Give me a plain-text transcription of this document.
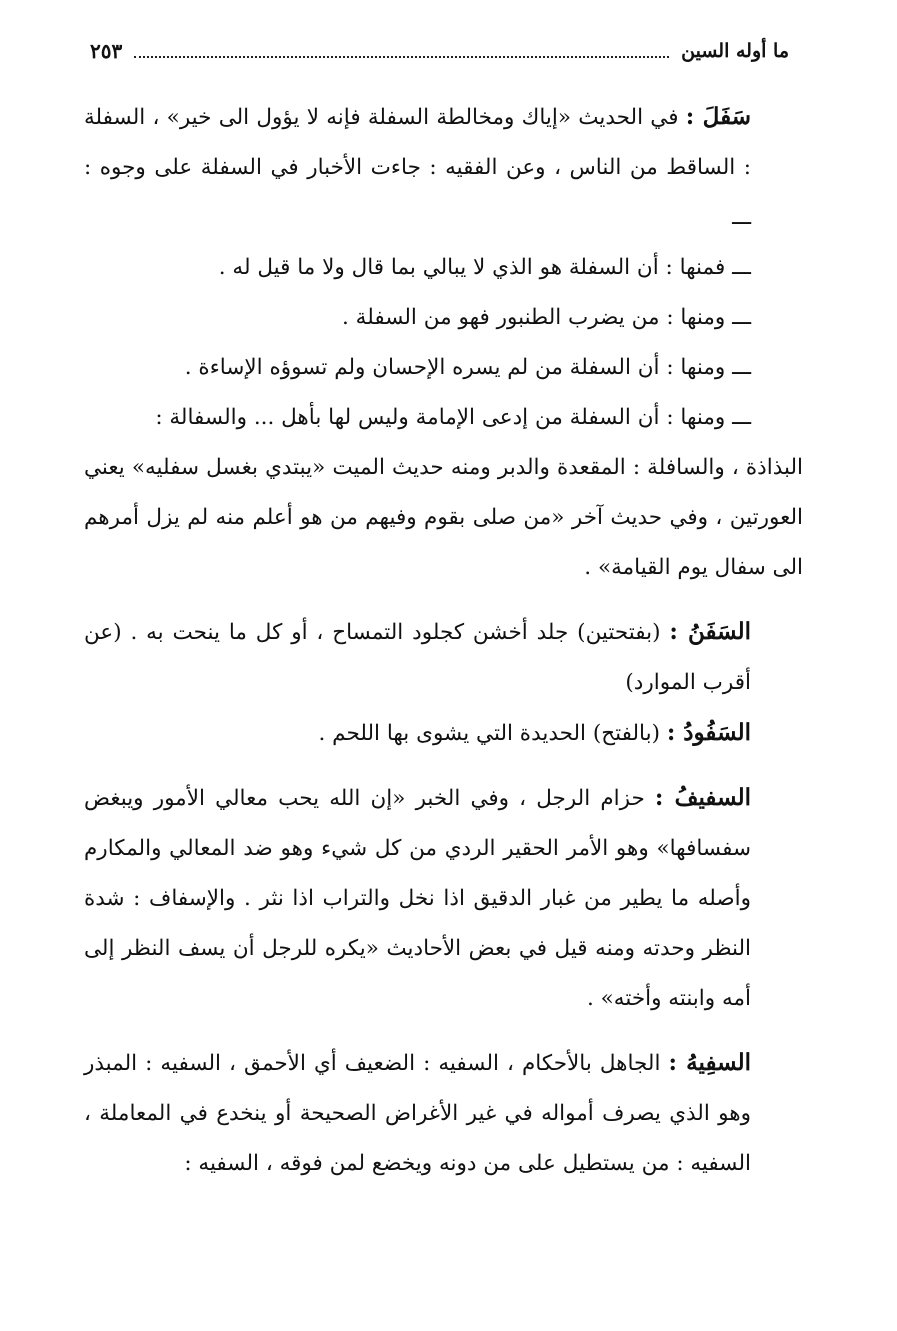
ما أوله السين
٢٥٣

سَفَلَ : في الحديث «إياك ومخالطة السفلة فإنه لا يؤول الى خير» ، السفلة : الساقط من الناس ، وعن الفقيه : جاءت الأخبار في السفلة على وجوه : ـــ

ـــ فمنها : أن السفلة هو الذي لا يبالي بما قال ولا ما قيل له .

ـــ ومنها : من يضرب الطنبور فهو من السفلة .

ـــ ومنها : أن السفلة من لم يسره الإحسان ولم تسوؤه الإساءة .

ـــ ومنها : أن السفلة من إدعى الإمامة وليس لها بأهل ... والسفالة :

البذاذة ، والسافلة : المقعدة والدبر ومنه حديث الميت «يبتدي بغسل سفليه» يعني العورتين ، وفي حديث آخر «من صلى بقوم وفيهم من هو أعلم منه لم يزل أمرهم الى سفال يوم القيامة» .

السَفَنُ : (بفتحتين) جلد أخشن كجلود التمساح ، أو كل ما ينحت به . (عن أقرب الموارد)

السَفُودُ : (بالفتح) الحديدة التي يشوى بها اللحم .

السفيفُ : حزام الرجل ، وفي الخبر «إن الله يحب معالي الأمور ويبغض سفسافها» وهو الأمر الحقير الردي من كل شيء وهو ضد المعالي والمكارم وأصله ما يطير من غبار الدقيق اذا نخل والتراب اذا نثر . والإسفاف : شدة النظر وحدته ومنه قيل في بعض الأحاديث «يكره للرجل أن يسف النظر إلى أمه وابنته وأخته» .

السفِيهُ : الجاهل بالأحكام ، السفيه : الضعيف أي الأحمق ، السفيه : المبذر وهو الذي يصرف أمواله في غير الأغراض الصحيحة أو ينخدع في المعاملة ، السفيه : من يستطيل على من دونه ويخضع لمن فوقه ، السفيه :
